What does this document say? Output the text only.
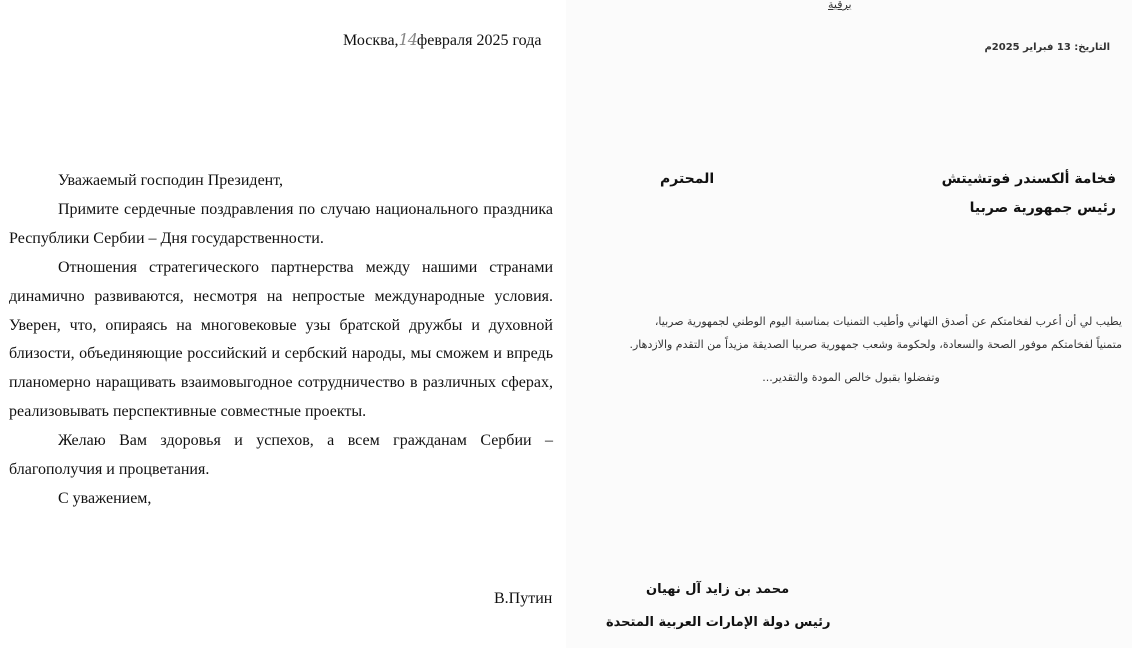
Москва,14февраля 2025 года

Уважаемый господин Президент,

Примите сердечные поздравления по случаю национального праздника Республики Сербии – Дня государственности.

Отношения стратегического партнерства между нашими странами динамично развиваются, несмотря на непростые международные условия. Уверен, что, опираясь на многовековые узы братской дружбы и духовной близости, объединяющие российский и сербский народы, мы сможем и впредь планомерно наращивать взаимовыгодное сотрудничество в различных сферах, реализовывать перспективные совместные проекты.

Желаю Вам здоровья и успехов, а всем гражданам Сербии – благополучия и процветания.

С уважением,

В.Путин
برقية
التاريخ: 13 فبراير 2025م
فخامة ألكسندر فوتشيتش
المحترم
رئيس جمهورية صربيا
يطيب لي أن أعرب لفخامتكم عن أصدق التهاني وأطيب التمنيات بمناسبة اليوم الوطني لجمهورية صربيا،
متمنياً لفخامتكم موفور الصحة والسعادة، ولحكومة وشعب جمهورية صربيا الصديقة مزيداً من التقدم والازدهار.
وتفضلوا بقبول خالص المودة والتقدير...
محمد بن زايد آل نهيان
رئيس دولة الإمارات العربية المتحدة
